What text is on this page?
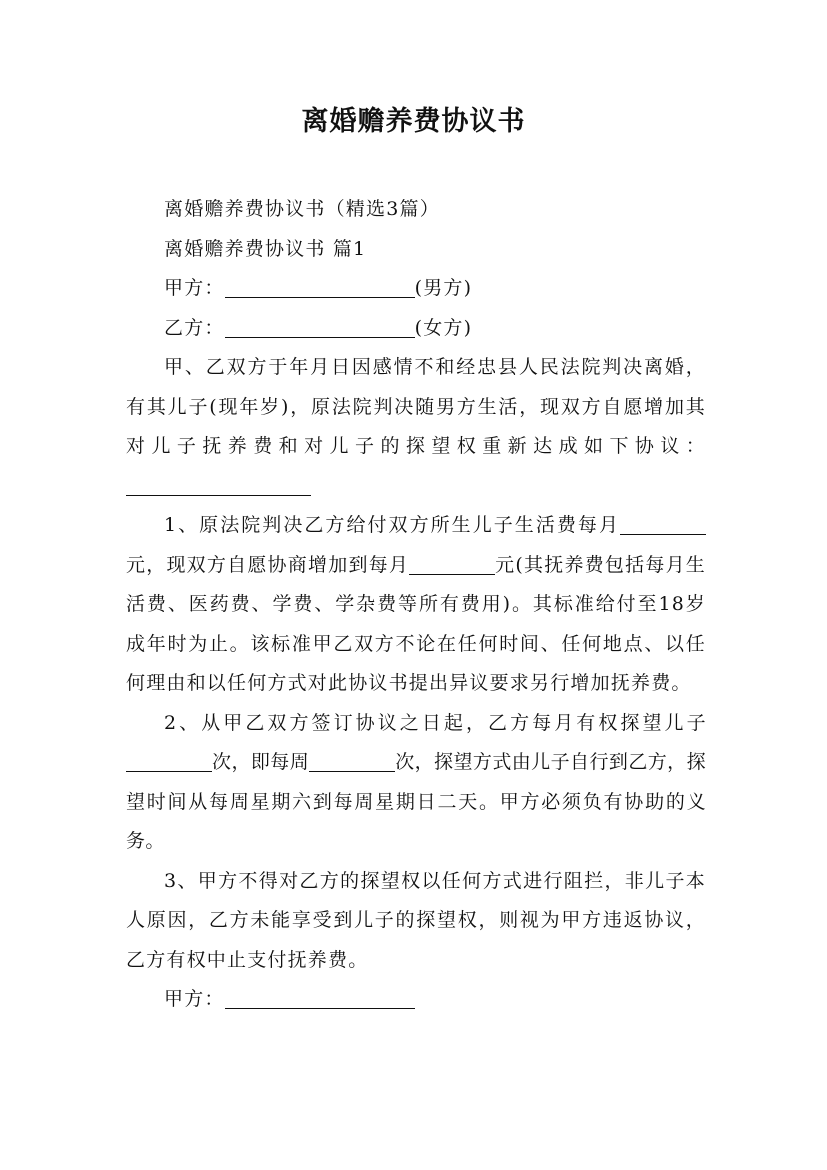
离婚赡养费协议书

离婚赡养费协议书（精选3篇）

离婚赡养费协议书 篇1

甲方：	(男方)

乙方：	(女方)

甲、乙双方于年月日因感情不和经忠县人民法院判决离婚，有其儿子(现年岁)，原法院判决随男方生活，现双方自愿增加其对儿子抚养费和对儿子的探望权重新达成如下协议：

1、原法院判决乙方给付双方所生儿子生活费每月元，现双方自愿协商增加到每月	元(其抚养费包括每月生活费、医药费、学费、学杂费等所有费用)。其标准给付至18岁成年时为止。该标准甲乙双方不论在任何时间、任何地点、以任何理由和以任何方式对此协议书提出异议要求另行增加抚养费。

2、从甲乙双方签订协议之日起，乙方每月有权探望儿子次，即每周	次，探望方式由儿子自行到乙方，探望时间从每周星期六到每周星期日二天。甲方必须负有协助的义务。

3、甲方不得对乙方的探望权以任何方式进行阻拦，非儿子本人原因，乙方未能享受到儿子的探望权，则视为甲方违返协议，乙方有权中止支付抚养费。

甲方：
